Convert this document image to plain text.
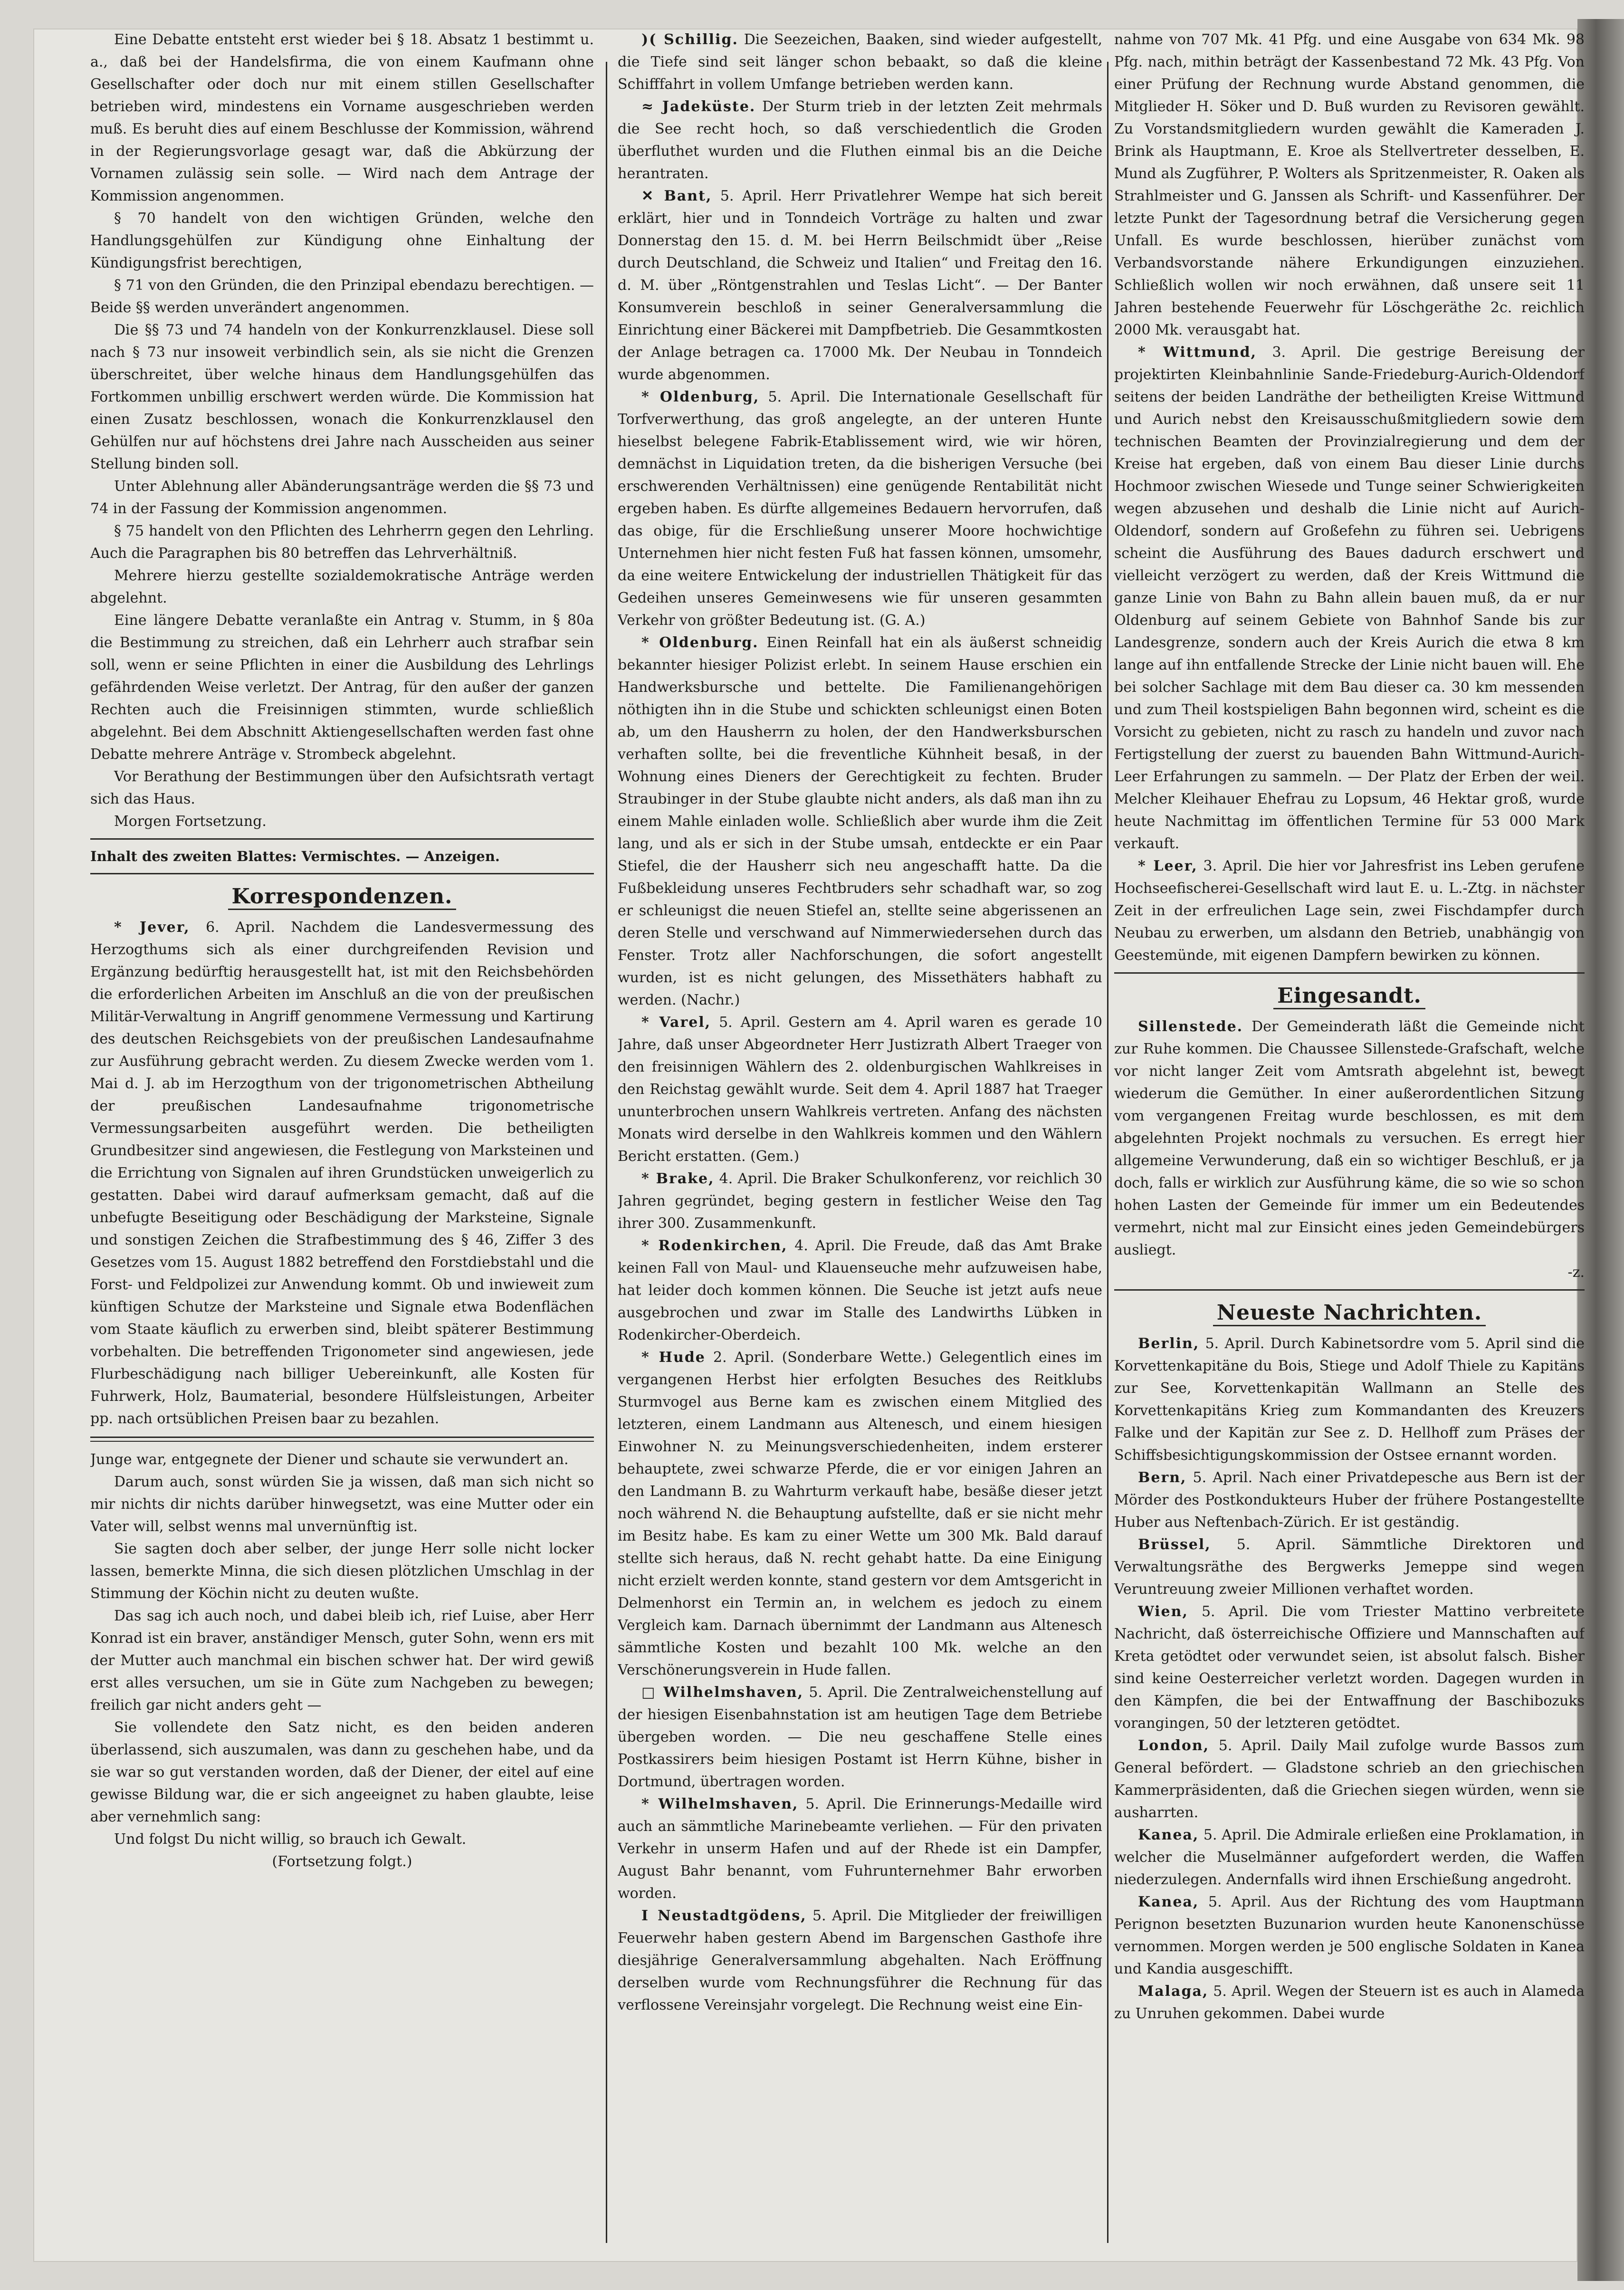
Eine Debatte entsteht erst wieder bei § 18. Absatz 1 bestimmt u. a., daß bei der Handelsfirma, die von einem Kaufmann ohne Gesellschafter oder doch nur mit einem stillen Gesellschafter betrieben wird, mindestens ein Vorname ausgeschrieben werden muß. Es beruht dies auf einem Beschlusse der Kommission, während in der Regierungsvorlage gesagt war, daß die Abkürzung der Vornamen zulässig sein solle. — Wird nach dem Antrage der Kommission angenommen.

§ 70 handelt von den wichtigen Gründen, welche den Handlungsgehülfen zur Kündigung ohne Einhaltung der Kündigungsfrist berechtigen,

§ 71 von den Gründen, die den Prinzipal ebendazu berechtigen. — Beide §§ werden unverändert angenommen.

Die §§ 73 und 74 handeln von der Konkurrenzklausel. Diese soll nach § 73 nur insoweit verbindlich sein, als sie nicht die Grenzen überschreitet, über welche hinaus dem Handlungsgehülfen das Fortkommen unbillig erschwert werden würde. Die Kommission hat einen Zusatz beschlossen, wonach die Konkurrenzklausel den Gehülfen nur auf höchstens drei Jahre nach Ausscheiden aus seiner Stellung binden soll.

Unter Ablehnung aller Abänderungsanträge werden die §§ 73 und 74 in der Fassung der Kommission angenommen.

§ 75 handelt von den Pflichten des Lehrherrn gegen den Lehrling. Auch die Paragraphen bis 80 betreffen das Lehrverhältniß.

Mehrere hierzu gestellte sozialdemokratische Anträge werden abgelehnt.

Eine längere Debatte veranlaßte ein Antrag v. Stumm, in § 80a die Bestimmung zu streichen, daß ein Lehrherr auch strafbar sein soll, wenn er seine Pflichten in einer die Ausbildung des Lehrlings gefährdenden Weise verletzt. Der Antrag, für den außer der ganzen Rechten auch die Freisinnigen stimmten, wurde schließlich abgelehnt. Bei dem Abschnitt Aktiengesellschaften werden fast ohne Debatte mehrere Anträge v. Strombeck abgelehnt.

Vor Berathung der Bestimmungen über den Aufsichtsrath vertagt sich das Haus.

Morgen Fortsetzung.

Inhalt des zweiten Blattes: Vermischtes. — Anzeigen.

Korrespondenzen.

* Jever, 6. April. Nachdem die Landesvermessung des Herzogthums sich als einer durchgreifenden Revision und Ergänzung bedürftig herausgestellt hat, ist mit den Reichsbehörden die erforderlichen Arbeiten im Anschluß an die von der preußischen Militär-Verwaltung in Angriff genommene Vermessung und Kartirung des deutschen Reichsgebiets von der preußischen Landesaufnahme zur Ausführung gebracht werden. Zu diesem Zwecke werden vom 1. Mai d. J. ab im Herzogthum von der trigonometrischen Abtheilung der preußischen Landesaufnahme trigonometrische Vermessungsarbeiten ausgeführt werden. Die betheiligten Grundbesitzer sind angewiesen, die Festlegung von Marksteinen und die Errichtung von Signalen auf ihren Grundstücken unweigerlich zu gestatten. Dabei wird darauf aufmerksam gemacht, daß auf die unbefugte Beseitigung oder Beschädigung der Marksteine, Signale und sonstigen Zeichen die Strafbestimmung des § 46, Ziffer 3 des Gesetzes vom 15. August 1882 betreffend den Forstdiebstahl und die Forst- und Feldpolizei zur Anwendung kommt. Ob und inwieweit zum künftigen Schutze der Marksteine und Signale etwa Bodenflächen vom Staate käuflich zu erwerben sind, bleibt späterer Bestimmung vorbehalten. Die betreffenden Trigonometer sind angewiesen, jede Flurbeschädigung nach billiger Uebereinkunft, alle Kosten für Fuhrwerk, Holz, Baumaterial, besondere Hülfsleistungen, Arbeiter pp. nach ortsüblichen Preisen baar zu bezahlen.

Junge war, entgegnete der Diener und schaute sie verwundert an.

Darum auch, sonst würden Sie ja wissen, daß man sich nicht so mir nichts dir nichts darüber hinwegsetzt, was eine Mutter oder ein Vater will, selbst wenns mal unvernünftig ist.

Sie sagten doch aber selber, der junge Herr solle nicht locker lassen, bemerkte Minna, die sich diesen plötzlichen Umschlag in der Stimmung der Köchin nicht zu deuten wußte.

Das sag ich auch noch, und dabei bleib ich, rief Luise, aber Herr Konrad ist ein braver, anständiger Mensch, guter Sohn, wenn ers mit der Mutter auch manchmal ein bischen schwer hat. Der wird gewiß erst alles versuchen, um sie in Güte zum Nachgeben zu bewegen; freilich gar nicht anders geht —

Sie vollendete den Satz nicht, es den beiden anderen überlassend, sich auszumalen, was dann zu geschehen habe, und da sie war so gut verstanden worden, daß der Diener, der eitel auf eine gewisse Bildung war, die er sich angeeignet zu haben glaubte, leise aber vernehmlich sang:

Und folgst Du nicht willig, so brauch ich Gewalt.

(Fortsetzung folgt.)

)( Schillig. Die Seezeichen, Baaken, sind wieder aufgestellt, die Tiefe sind seit länger schon bebaakt, so daß die kleine Schifffahrt in vollem Umfange betrieben werden kann.

≈ Jadeküste. Der Sturm trieb in der letzten Zeit mehrmals die See recht hoch, so daß verschiedentlich die Groden überfluthet wurden und die Fluthen einmal bis an die Deiche herantraten.

✕ Bant, 5. April. Herr Privatlehrer Wempe hat sich bereit erklärt, hier und in Tonndeich Vorträge zu halten und zwar Donnerstag den 15. d. M. bei Herrn Beilschmidt über „Reise durch Deutschland, die Schweiz und Italien“ und Freitag den 16. d. M. über „Röntgenstrahlen und Teslas Licht“. — Der Banter Konsumverein beschloß in seiner Generalversammlung die Einrichtung einer Bäckerei mit Dampfbetrieb. Die Gesammtkosten der Anlage betragen ca. 17000 Mk. Der Neubau in Tonndeich wurde abgenommen.

* Oldenburg, 5. April. Die Internationale Gesellschaft für Torfverwerthung, das groß angelegte, an der unteren Hunte hieselbst belegene Fabrik-Etablissement wird, wie wir hören, demnächst in Liquidation treten, da die bisherigen Versuche (bei erschwerenden Verhältnissen) eine genügende Rentabilität nicht ergeben haben. Es dürfte allgemeines Bedauern hervorrufen, daß das obige, für die Erschließung unserer Moore hochwichtige Unternehmen hier nicht festen Fuß hat fassen können, umsomehr, da eine weitere Entwickelung der industriellen Thätigkeit für das Gedeihen unseres Gemeinwesens wie für unseren gesammten Verkehr von größter Bedeutung ist. (G. A.)

* Oldenburg. Einen Reinfall hat ein als äußerst schneidig bekannter hiesiger Polizist erlebt. In seinem Hause erschien ein Handwerksbursche und bettelte. Die Familienangehörigen nöthigten ihn in die Stube und schickten schleunigst einen Boten ab, um den Hausherrn zu holen, der den Handwerksburschen verhaften sollte, bei die freventliche Kühnheit besaß, in der Wohnung eines Dieners der Gerechtigkeit zu fechten. Bruder Straubinger in der Stube glaubte nicht anders, als daß man ihn zu einem Mahle einladen wolle. Schließlich aber wurde ihm die Zeit lang, und als er sich in der Stube umsah, entdeckte er ein Paar Stiefel, die der Hausherr sich neu angeschafft hatte. Da die Fußbekleidung unseres Fechtbruders sehr schadhaft war, so zog er schleunigst die neuen Stiefel an, stellte seine abgerissenen an deren Stelle und verschwand auf Nimmerwiedersehen durch das Fenster. Trotz aller Nachforschungen, die sofort angestellt wurden, ist es nicht gelungen, des Missethäters habhaft zu werden. (Nachr.)

* Varel, 5. April. Gestern am 4. April waren es gerade 10 Jahre, daß unser Abgeordneter Herr Justizrath Albert Traeger von den freisinnigen Wählern des 2. oldenburgischen Wahlkreises in den Reichstag gewählt wurde. Seit dem 4. April 1887 hat Traeger ununterbrochen unsern Wahlkreis vertreten. Anfang des nächsten Monats wird derselbe in den Wahlkreis kommen und den Wählern Bericht erstatten. (Gem.)

* Brake, 4. April. Die Braker Schulkonferenz, vor reichlich 30 Jahren gegründet, beging gestern in festlicher Weise den Tag ihrer 300. Zusammenkunft.

* Rodenkirchen, 4. April. Die Freude, daß das Amt Brake keinen Fall von Maul- und Klauenseuche mehr aufzuweisen habe, hat leider doch kommen können. Die Seuche ist jetzt aufs neue ausgebrochen und zwar im Stalle des Landwirths Lübken in Rodenkircher-Oberdeich.

* Hude 2. April. (Sonderbare Wette.) Gelegentlich eines im vergangenen Herbst hier erfolgten Besuches des Reitklubs Sturmvogel aus Berne kam es zwischen einem Mitglied des letzteren, einem Landmann aus Altenesch, und einem hiesigen Einwohner N. zu Meinungsverschiedenheiten, indem ersterer behauptete, zwei schwarze Pferde, die er vor einigen Jahren an den Landmann B. zu Wahrturm verkauft habe, besäße dieser jetzt noch während N. die Behauptung aufstellte, daß er sie nicht mehr im Besitz habe. Es kam zu einer Wette um 300 Mk. Bald darauf stellte sich heraus, daß N. recht gehabt hatte. Da eine Einigung nicht erzielt werden konnte, stand gestern vor dem Amtsgericht in Delmenhorst ein Termin an, in welchem es jedoch zu einem Vergleich kam. Darnach übernimmt der Landmann aus Altenesch sämmtliche Kosten und bezahlt 100 Mk. welche an den Verschönerungsverein in Hude fallen.

□ Wilhelmshaven, 5. April. Die Zentralweichenstellung auf der hiesigen Eisenbahnstation ist am heutigen Tage dem Betriebe übergeben worden. — Die neu geschaffene Stelle eines Postkassirers beim hiesigen Postamt ist Herrn Kühne, bisher in Dortmund, übertragen worden.

* Wilhelmshaven, 5. April. Die Erinnerungs-Medaille wird auch an sämmtliche Marinebeamte verliehen. — Für den privaten Verkehr in unserm Hafen und auf der Rhede ist ein Dampfer, August Bahr benannt, vom Fuhrunternehmer Bahr erworben worden.

Ⅰ Neustadtgödens, 5. April. Die Mitglieder der freiwilligen Feuerwehr haben gestern Abend im Bargenschen Gasthofe ihre diesjährige Generalversammlung abgehalten. Nach Eröffnung derselben wurde vom Rechnungsführer die Rechnung für das verflossene Vereinsjahr vorgelegt. Die Rechnung weist eine Ein-

nahme von 707 Mk. 41 Pfg. und eine Ausgabe von 634 Mk. 98 Pfg. nach, mithin beträgt der Kassenbestand 72 Mk. 43 Pfg. Von einer Prüfung der Rechnung wurde Abstand genommen, die Mitglieder H. Söker und D. Buß wurden zu Revisoren gewählt. Zu Vorstandsmitgliedern wurden gewählt die Kameraden J. Brink als Hauptmann, E. Kroe als Stellvertreter desselben, E. Mund als Zugführer, P. Wolters als Spritzenmeister, R. Oaken als Strahlmeister und G. Janssen als Schrift- und Kassenführer. Der letzte Punkt der Tagesordnung betraf die Versicherung gegen Unfall. Es wurde beschlossen, hierüber zunächst vom Verbandsvorstande nähere Erkundigungen einzuziehen. Schließlich wollen wir noch erwähnen, daß unsere seit 11 Jahren bestehende Feuerwehr für Löschgeräthe 2c. reichlich 2000 Mk. verausgabt hat.

* Wittmund, 3. April. Die gestrige Bereisung der projektirten Kleinbahnlinie Sande-Friedeburg-Aurich-Oldendorf seitens der beiden Landräthe der betheiligten Kreise Wittmund und Aurich nebst den Kreisausschußmitgliedern sowie dem technischen Beamten der Provinzialregierung und dem der Kreise hat ergeben, daß von einem Bau dieser Linie durchs Hochmoor zwischen Wiesede und Tunge seiner Schwierigkeiten wegen abzusehen und deshalb die Linie nicht auf Aurich-Oldendorf, sondern auf Großefehn zu führen sei. Uebrigens scheint die Ausführung des Baues dadurch erschwert und vielleicht verzögert zu werden, daß der Kreis Wittmund die ganze Linie von Bahn zu Bahn allein bauen muß, da er nur Oldenburg auf seinem Gebiete von Bahnhof Sande bis zur Landesgrenze, sondern auch der Kreis Aurich die etwa 8 km lange auf ihn entfallende Strecke der Linie nicht bauen will. Ehe bei solcher Sachlage mit dem Bau dieser ca. 30 km messenden und zum Theil kostspieligen Bahn begonnen wird, scheint es die Vorsicht zu gebieten, nicht zu rasch zu handeln und zuvor nach Fertigstellung der zuerst zu bauenden Bahn Wittmund-Aurich-Leer Erfahrungen zu sammeln. — Der Platz der Erben der weil. Melcher Kleihauer Ehefrau zu Lopsum, 46 Hektar groß, wurde heute Nachmittag im öffentlichen Termine für 53 000 Mark verkauft.

* Leer, 3. April. Die hier vor Jahresfrist ins Leben gerufene Hochseefischerei-Gesellschaft wird laut E. u. L.-Ztg. in nächster Zeit in der erfreulichen Lage sein, zwei Fischdampfer durch Neubau zu erwerben, um alsdann den Betrieb, unabhängig von Geestemünde, mit eigenen Dampfern bewirken zu können.

Eingesandt.

Sillenstede. Der Gemeinderath läßt die Gemeinde nicht zur Ruhe kommen. Die Chaussee Sillenstede-Grafschaft, welche vor nicht langer Zeit vom Amtsrath abgelehnt ist, bewegt wiederum die Gemüther. In einer außerordentlichen Sitzung vom vergangenen Freitag wurde beschlossen, es mit dem abgelehnten Projekt nochmals zu versuchen. Es erregt hier allgemeine Verwunderung, daß ein so wichtiger Beschluß, er ja doch, falls er wirklich zur Ausführung käme, die so wie so schon hohen Lasten der Gemeinde für immer um ein Bedeutendes vermehrt, nicht mal zur Einsicht eines jeden Gemeindebürgers ausliegt.

-z.

Neueste Nachrichten.

Berlin, 5. April. Durch Kabinetsordre vom 5. April sind die Korvettenkapitäne du Bois, Stiege und Adolf Thiele zu Kapitäns zur See, Korvettenkapitän Wallmann an Stelle des Korvettenkapitäns Krieg zum Kommandanten des Kreuzers Falke und der Kapitän zur See z. D. Hellhoff zum Präses der Schiffsbesichtigungskommission der Ostsee ernannt worden.

Bern, 5. April. Nach einer Privatdepesche aus Bern ist der Mörder des Postkondukteurs Huber der frühere Postangestellte Huber aus Neftenbach-Zürich. Er ist geständig.

Brüssel, 5. April. Sämmtliche Direktoren und Verwaltungsräthe des Bergwerks Jemeppe sind wegen Veruntreuung zweier Millionen verhaftet worden.

Wien, 5. April. Die vom Triester Mattino verbreitete Nachricht, daß österreichische Offiziere und Mannschaften auf Kreta getödtet oder verwundet seien, ist absolut falsch. Bisher sind keine Oesterreicher verletzt worden. Dagegen wurden in den Kämpfen, die bei der Entwaffnung der Baschibozuks vorangingen, 50 der letzteren getödtet.

London, 5. April. Daily Mail zufolge wurde Bassos zum General befördert. — Gladstone schrieb an den griechischen Kammerpräsidenten, daß die Griechen siegen würden, wenn sie ausharrten.

Kanea, 5. April. Die Admirale erließen eine Proklamation, in welcher die Muselmänner aufgefordert werden, die Waffen niederzulegen. Andernfalls wird ihnen Erschießung angedroht.

Kanea, 5. April. Aus der Richtung des vom Hauptmann Perignon besetzten Buzunarion wurden heute Kanonenschüsse vernommen. Morgen werden je 500 englische Soldaten in Kanea und Kandia ausgeschifft.

Malaga, 5. April. Wegen der Steuern ist es auch in Alameda zu Unruhen gekommen. Dabei wurde
